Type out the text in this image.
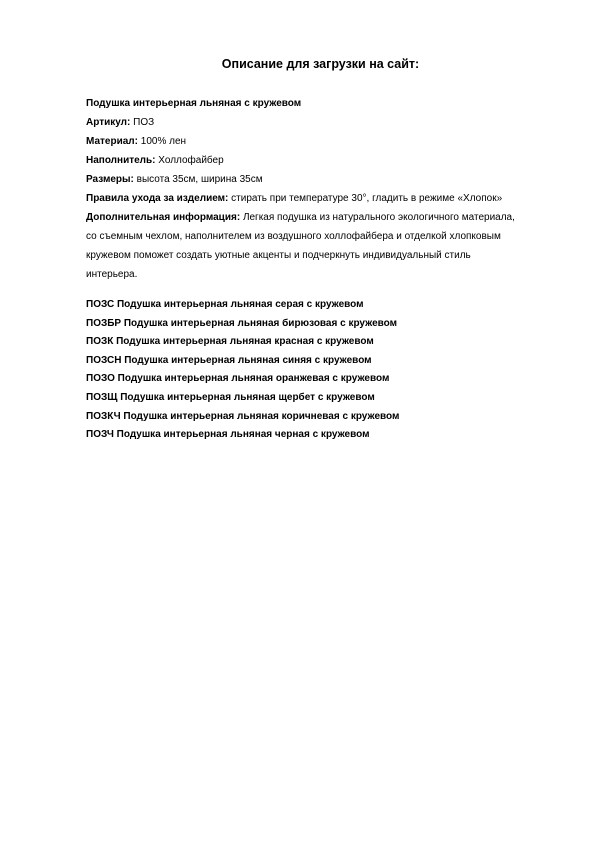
Описание для загрузки на сайт:
Подушка интерьерная льняная с кружевом
Артикул: ПОЗ
Материал: 100% лен
Наполнитель: Холлофайбер
Размеры: высота 35см, ширина 35см
Правила ухода за изделием: стирать при температуре 30°, гладить в режиме «Хлопок»
Дополнительная информация: Легкая подушка из натурального экологичного материала,
со съемным чехлом, наполнителем из воздушного холлофайбера и отделкой хлопковым
кружевом поможет создать уютные акценты и подчеркнуть индивидуальный стиль
интерьера.
ПОЗС Подушка интерьерная льняная серая с кружевом
ПОЗБР Подушка интерьерная льняная бирюзовая с кружевом
ПОЗК Подушка интерьерная льняная красная с кружевом
ПОЗСН Подушка интерьерная льняная синяя с кружевом
ПОЗО Подушка интерьерная льняная оранжевая с кружевом
ПОЗЩ Подушка интерьерная льняная щербет с кружевом
ПОЗКЧ Подушка интерьерная льняная коричневая с кружевом
ПОЗЧ Подушка интерьерная льняная черная с кружевом
